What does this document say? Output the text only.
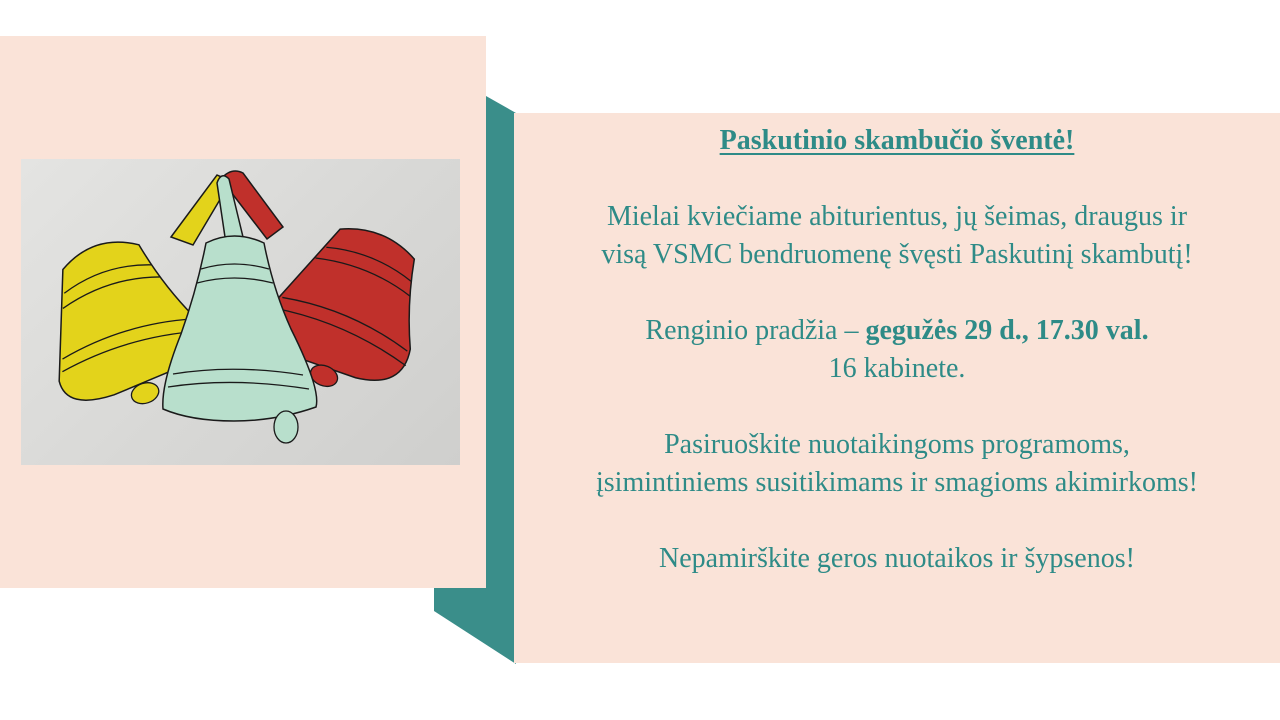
Paskutinio skambučio šventė!

Mielai kviečiame abiturientus, jų šeimas, draugus ir

visą VSMC bendruomenę švęsti Paskutinį skambutį!

Renginio pradžia – gegužės 29 d., 17.30 val.

16 kabinete.

Pasiruoškite nuotaikingoms programoms,

įsimintiniems susitikimams ir smagioms akimirkoms!

Nepamirškite geros nuotaikos ir šypsenos!
